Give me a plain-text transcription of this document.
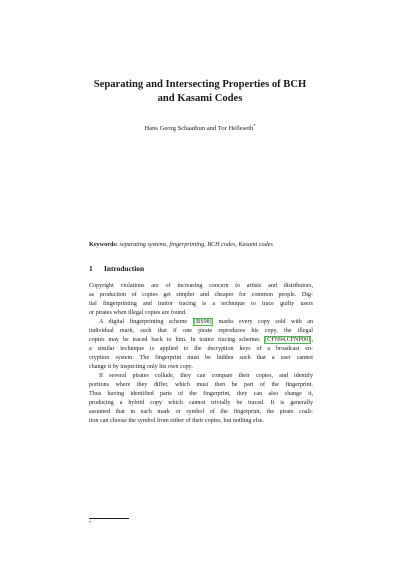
Separating and Intersecting Properties of BCH
and Kasami Codes
Hans Georg Schaathun and Tor Helleseth*
Keywords: separating systems, fingerprinting, BCH codes, Kasami codes
1 Introduction
Copyright violations are of increasing concern to artists and distributors,
as production of copies get simpler and cheaper for common people. Dig-
ital fingerprinting and traitor tracing is a technique to trace guilty users
or pirates when illegal copies are found.
A digital fingerprinting scheme [BS98] marks every copy sold with an
individual mark, such that if one pirate reproduces his copy, the illegal
copies may be traced back to him. In traitor tracing schemes [CFN94,CFNP00] ,
a similar technique is applied to the decryption keys of a broadcast en-
cryption system. The fingerprint must be hidden such that a user cannot
change it by inspecting only his own copy.
If several pirates collude, they can compare their copies, and identify
portions where they differ, which must then be part of the fingerprint.
Thus having identified parts of the fingerprint, they can also change it,
producing a hybrid copy which cannot trivially be traced. It is generally
assumed that in each mark or symbol of the fingerprint, the pirate coali-
tion can choose the symbol from either of their copies, but nothing else.
*
